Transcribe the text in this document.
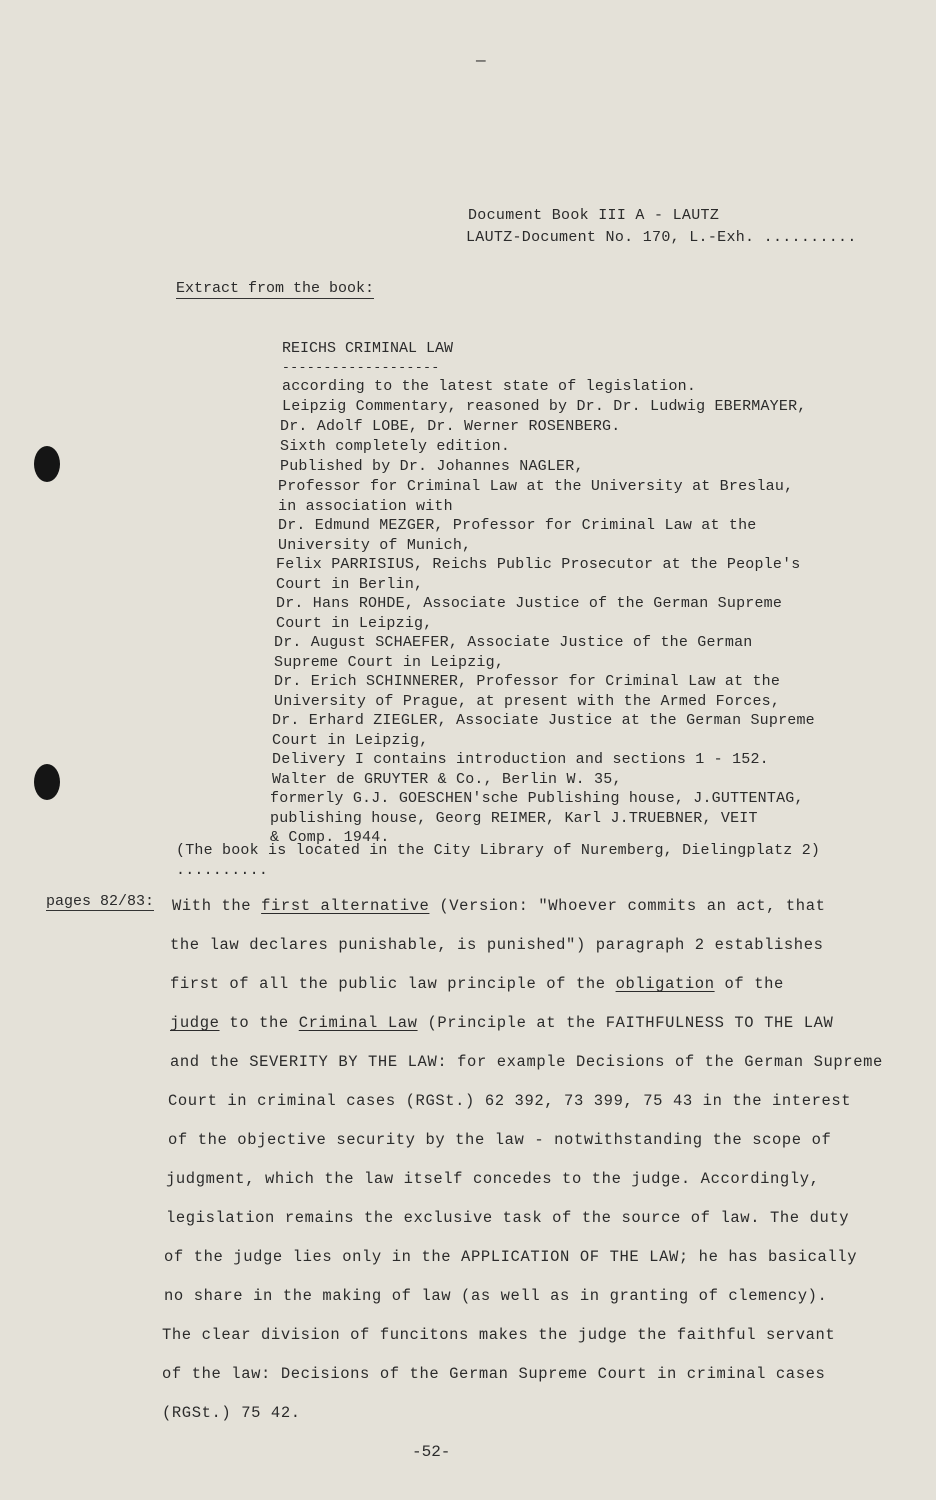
—
Document Book III A - LAUTZ
LAUTZ-Document No. 170, L.-Exh. ..........
Extract from the book:
REICHS CRIMINAL LAW
-------------------
according to the latest state of legislation.
Leipzig Commentary, reasoned by Dr. Dr. Ludwig EBERMAYER,
Dr. Adolf LOBE, Dr. Werner ROSENBERG.
Sixth completely edition.
Published by Dr. Johannes NAGLER,
Professor for Criminal Law at the University at Breslau,
in association with
Dr. Edmund MEZGER, Professor for Criminal Law at the
University of Munich,
Felix PARRISIUS, Reichs Public Prosecutor at the People's
Court in Berlin,
Dr. Hans ROHDE, Associate Justice of the German Supreme
Court in Leipzig,
Dr. August SCHAEFER, Associate Justice of the German
Supreme Court in Leipzig,
Dr. Erich SCHINNERER, Professor for Criminal Law at the
University of Prague, at present with the Armed Forces,
Dr. Erhard ZIEGLER, Associate Justice at the German Supreme
Court in Leipzig,
Delivery I contains introduction and sections 1 - 152.
Walter de GRUYTER & Co., Berlin W. 35,
formerly G.J. GOESCHEN'sche Publishing house, J.GUTTENTAG,
publishing house, Georg REIMER, Karl J.TRUEBNER, VEIT
& Comp. 1944.
(The book is located in the City Library of Nuremberg, Dielingplatz 2)
..........
pages 82/83: With the first alternative (Version: "Whoever commits an act, that
the law declares punishable, is punished") paragraph 2 establishes
first of all the public law principle of the obligation of the
judge to the Criminal Law (Principle at the FAITHFULNESS TO THE LAW
and the SEVERITY BY THE LAW: for example Decisions of the German Supreme
Court in criminal cases (RGSt.) 62 392, 73 399, 75 43 in the interest
of the objective security by the law - notwithstanding the scope of
judgment, which the law itself concedes to the judge. Accordingly,
legislation remains the exclusive task of the source of law. The duty
of the judge lies only in the APPLICATION OF THE LAW; he has basically
no share in the making of law (as well as in granting of clemency).
The clear division of funcitons makes the judge the faithful servant
of the law: Decisions of the German Supreme Court in criminal cases
(RGSt.) 75 42.
-52-
